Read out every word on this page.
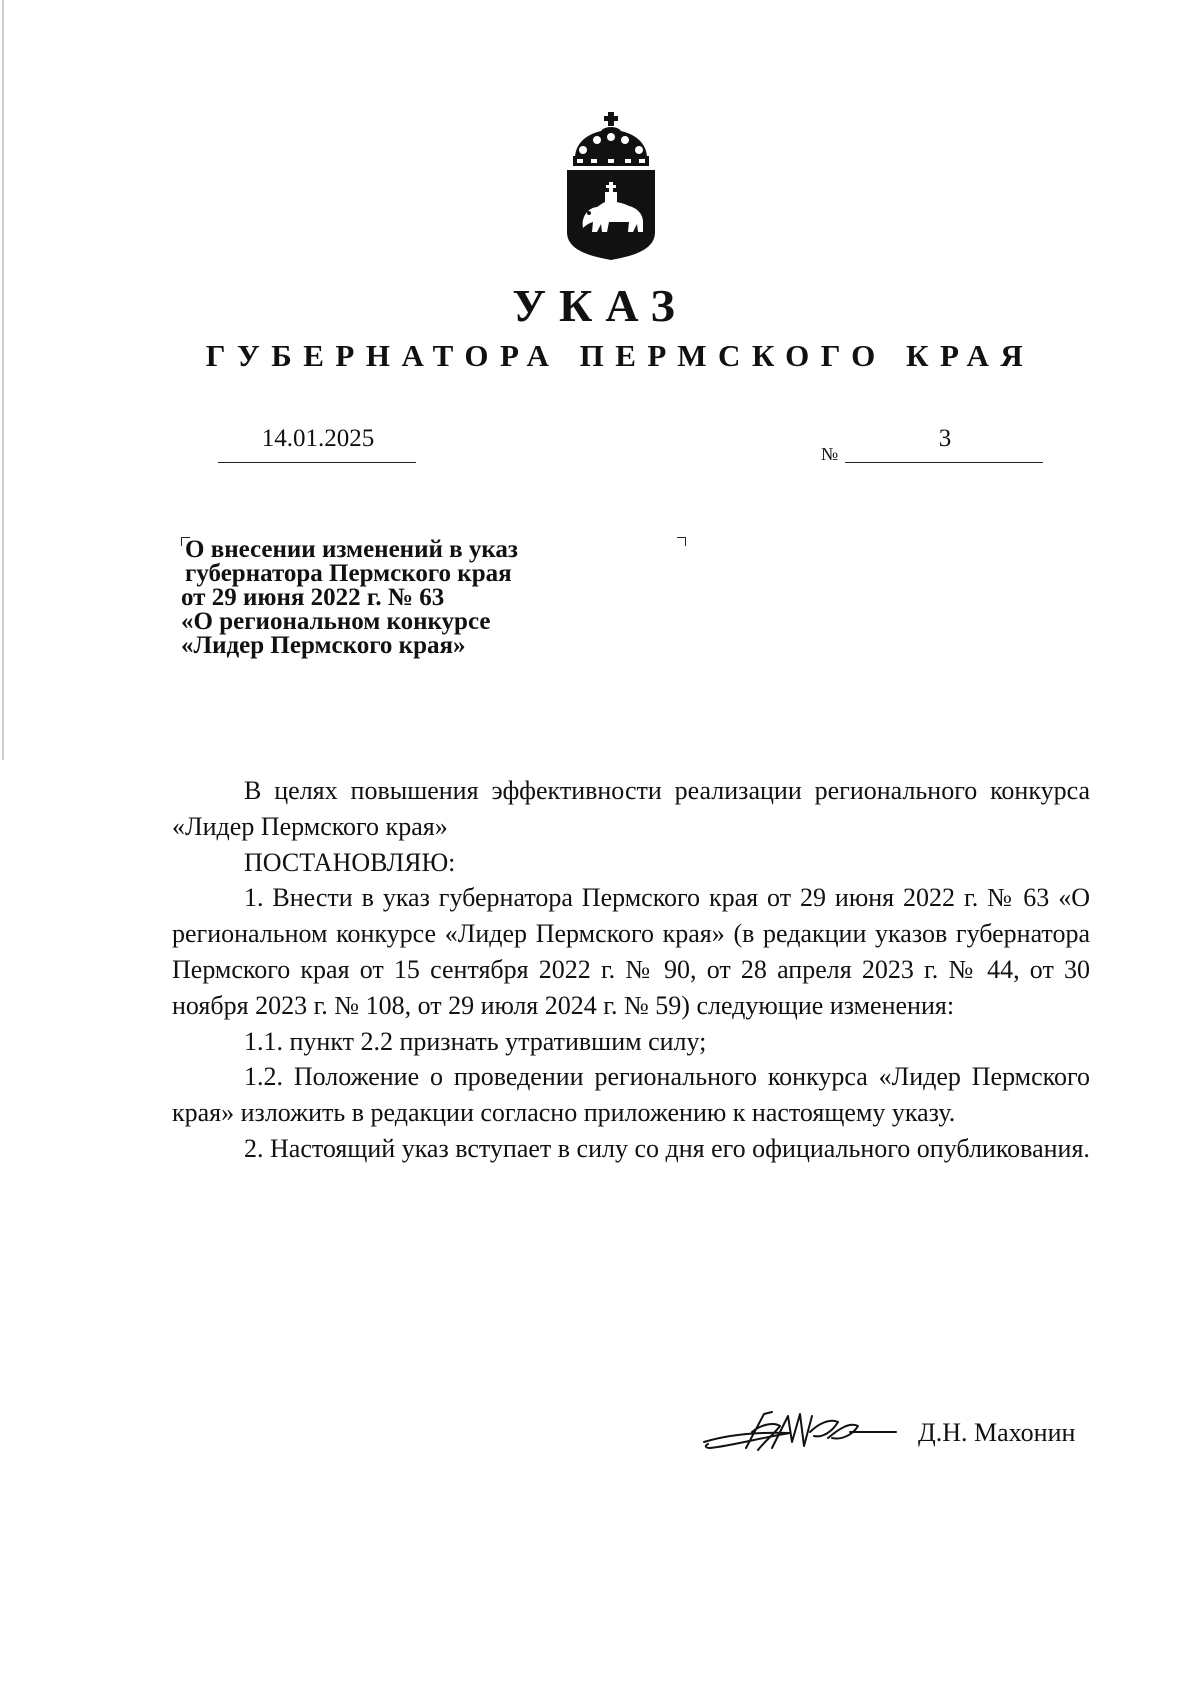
УКАЗ
ГУБЕРНАТОРА ПЕРМСКОГО КРАЯ
14.01.2025
№
3
О внесении изменений в указ
губернатора Пермского края
от 29 июня 2022 г. № 63
«О региональном конкурсе
«Лидер Пермского края»

В целях повышения эффективности реализации регионального конкурса «Лидер Пермского края»

ПОСТАНОВЛЯЮ:

1. Внести в указ губернатора Пермского края от 29 июня 2022 г. № 63 «О региональном конкурсе «Лидер Пермского края» (в редакции указов губернатора Пермского края от 15 сентября 2022 г. № 90, от 28 апреля 2023 г. № 44, от 30 ноября 2023 г. № 108, от 29 июля 2024 г. № 59) следующие изменения:

1.1. пункт 2.2 признать утратившим силу;

1.2. Положение о проведении регионального конкурса «Лидер Пермского края» изложить в редакции согласно приложению к настоящему указу.

2. Настоящий указ вступает в силу со дня его официального опубликования.

Д.Н. Махонин
